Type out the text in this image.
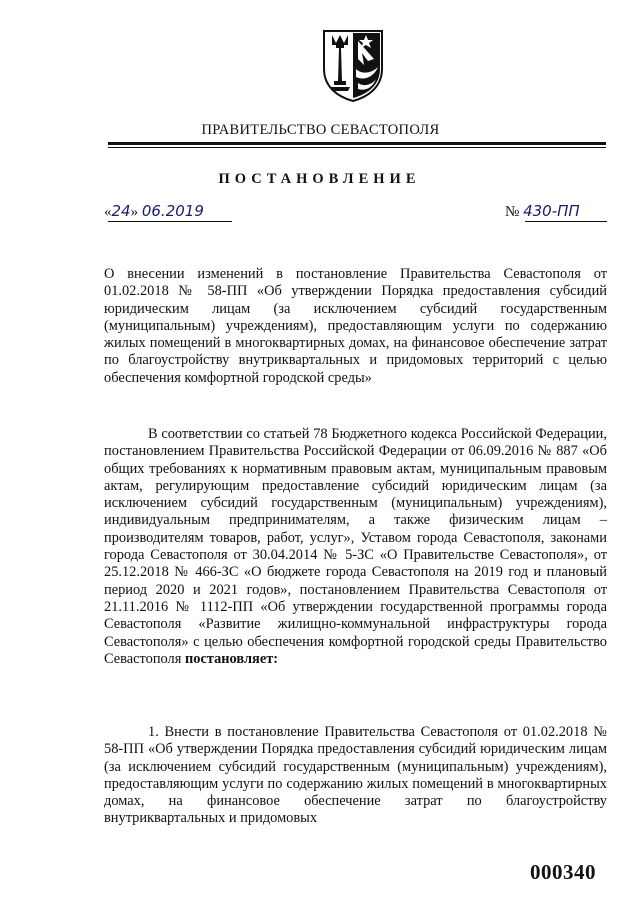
ПРАВИТЕЛЬСТВО СЕВАСТОПОЛЯ
ПОСТАНОВЛЕНИЕ
«24» 06.2019	№ 430-ПП
О внесении изменений в постановление Правительства Севастополя от 01.02.2018 № 58-ПП «Об утверждении Порядка предоставления субсидий юридическим лицам (за исключением субсидий государственным (муниципальным) учреждениям), предоставляющим услуги по содержанию жилых помещений в многоквартирных домах, на финансовое обеспечение затрат по благоустройству внутриквартальных и придомовых территорий с целью обеспечения комфортной городской среды»
В соответствии со статьей 78 Бюджетного кодекса Российской Федерации, постановлением Правительства Российской Федерации от 06.09.2016 № 887 «Об общих требованиях к нормативным правовым актам, муниципальным правовым актам, регулирующим предоставление субсидий юридическим лицам (за исключением субсидий государственным (муниципальным) учреждениям), индивидуальным предпринимателям, а также физическим лицам – производителям товаров, работ, услуг», Уставом города Севастополя, законами города Севастополя от 30.04.2014 № 5-ЗС «О Правительстве Севастополя», от 25.12.2018 № 466-ЗС «О бюджете города Севастополя на 2019 год и плановый период 2020 и 2021 годов», постановлением Правительства Севастополя от 21.11.2016 № 1112-ПП «Об утверждении государственной программы города Севастополя «Развитие жилищно-коммунальной инфраструктуры города Севастополя» с целью обеспечения комфортной городской среды Правительство Севастополя постановляет:
1. Внести в постановление Правительства Севастополя от 01.02.2018 № 58-ПП «Об утверждении Порядка предоставления субсидий юридическим лицам (за исключением субсидий государственным (муниципальным) учреждениям), предоставляющим услуги по содержанию жилых помещений в многоквартирных домах, на финансовое обеспечение затрат по благоустройству внутриквартальных и придомовых
000340
